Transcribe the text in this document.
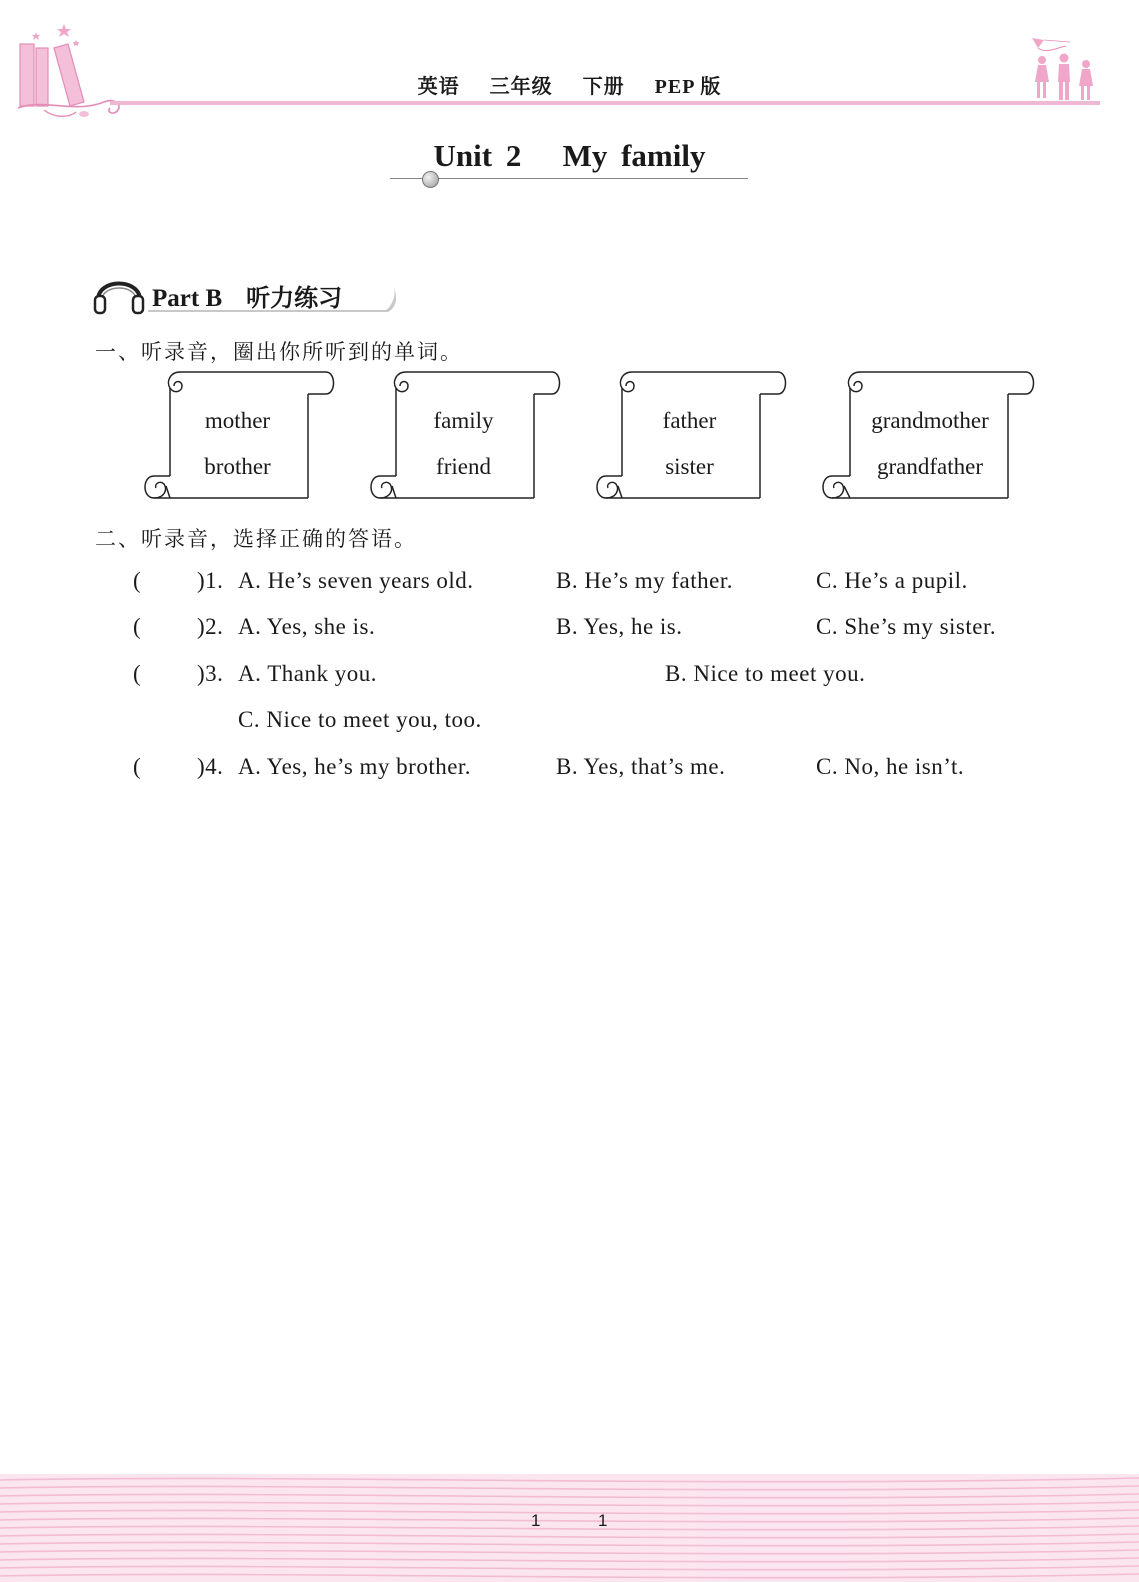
英语 三年级 下册 PEP 版
Unit 2   My family
Part B 听力练习
一、听录音，圈出你所听到的单词。
mother
brother
family
friend
father
sister
grandmother
grandfather
二、听录音，选择正确的答语。
( )1. A. He’s seven years old.	B. He’s my father.	C. He’s a pupil.
( )2. A. Yes, she is.	B. Yes, he is.	C. She’s my sister.
( )3. A. Thank you.	B. Nice to meet you.
C. Nice to meet you, too.
( )4. A. Yes, he’s my brother.	B. Yes, that’s me.	C. No, he isn’t.
1	1
